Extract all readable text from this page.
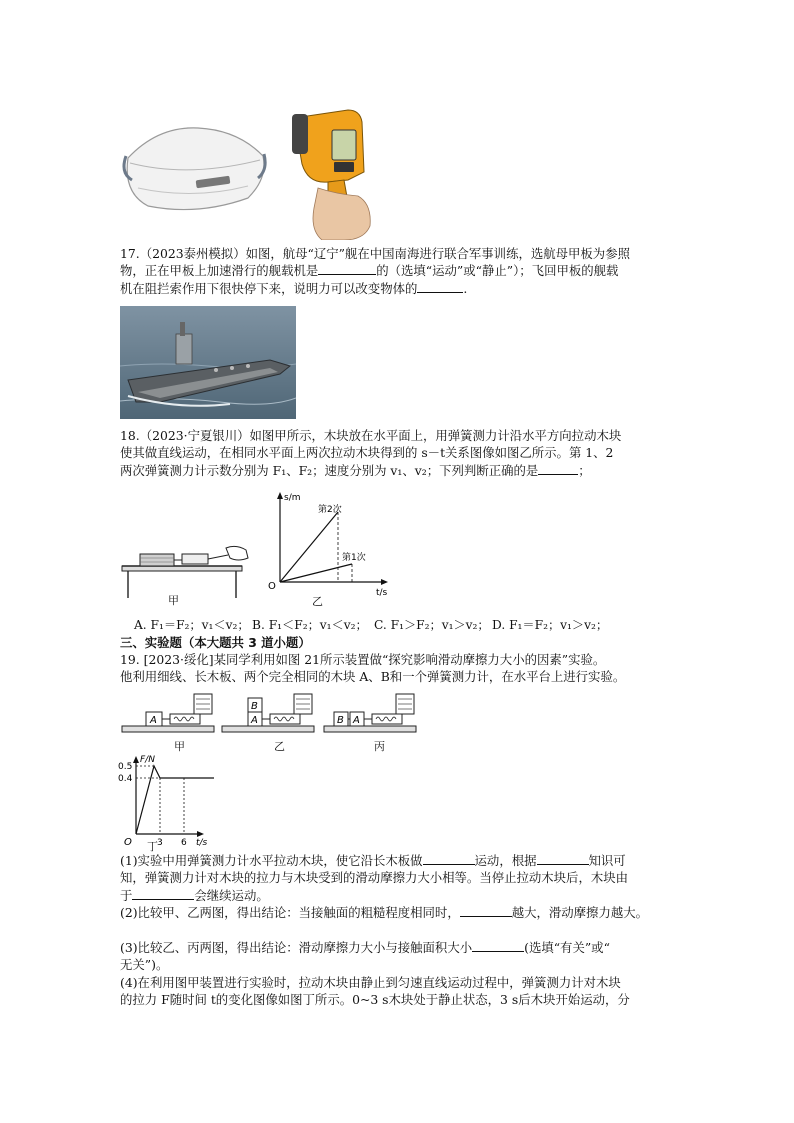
17.（2023泰州模拟）如图，航母“辽宁”舰在中国南海进行联合军事训练，选航母甲板为参照
物，正在甲板上加速滑行的舰载机是	的（选填“运动”或“静止”）；飞回甲板的舰载
机在阻拦索作用下很快停下来，说明力可以改变物体的	.
18.（2023·宁夏银川）如图甲所示，木块放在水平面上，用弹簧测力计沿水平方向拉动木块
使其做直线运动，在相同水平面上两次拉动木块得到的 s－t关系图像如图乙所示。第 1、2
两次弹簧测力计示数分别为 F₁、F₂；速度分别为 v₁、v₂；下列判断正确的是	；
甲
s/m
t/s
O
第2次
第1次
乙
A. F₁＝F₂；v₁＜v₂； B. F₁＜F₂；v₁＜v₂； C. F₁＞F₂；v₁＞v₂； D. F₁＝F₂；v₁＞v₂；
三、实验题（本大题共 3 道小题）
19. [2023·绥化]某同学利用如图 21所示装置做“探究影响滑动摩擦力大小的因素”实验。
他利用细线、长木板、两个完全相同的木块 A、B和一个弹簧测力计，在水平台上进行实验。
A
甲
B
A
乙
B A
丙
F/N
0.5
0.4
O	3 6 t/s
丁
(1)实验中用弹簧测力计水平拉动木块，使它沿长木板做	运动，根据	知识可
知，弹簧测力计对木块的拉力与木块受到的滑动摩擦力大小相等。当停止拉动木块后，木块由
于	会继续运动。
(2)比较甲、乙两图，得出结论：当接触面的粗糙程度相同时，	越大，滑动摩擦力越大。
(3)比较乙、丙两图，得出结论：滑动摩擦力大小与接触面积大小	(选填“有关”或“
无关”)。
(4)在利用图甲装置进行实验时，拉动木块由静止到匀速直线运动过程中，弹簧测力计对木块
的拉力 F随时间 t的变化图像如图丁所示。0~3 s木块处于静止状态，3 s后木块开始运动，分
